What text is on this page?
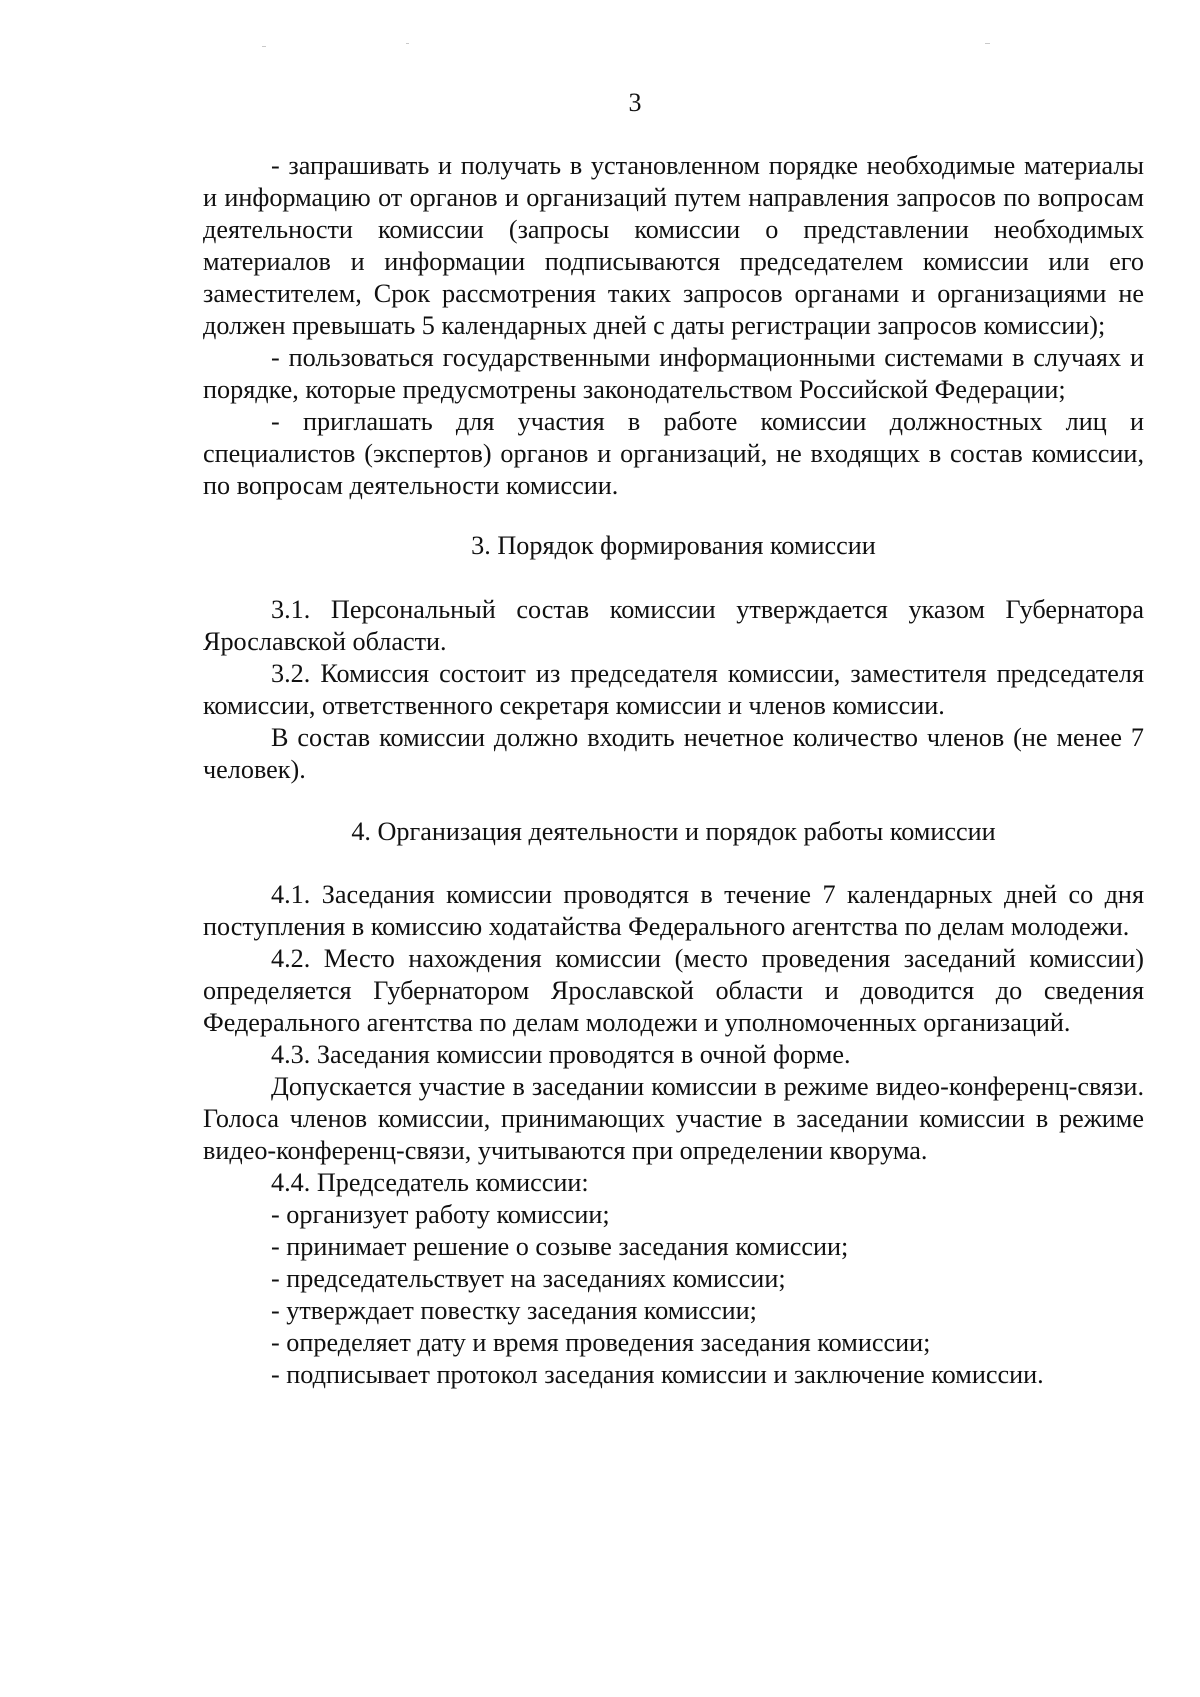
3

- запрашивать и получать в установленном порядке необходимые материалы и информацию от органов и организаций путем направления запросов по вопросам деятельности комиссии (запросы комиссии о представлении необходимых материалов и информации подписываются председателем комиссии или его заместителем, Срок рассмотрения таких запросов органами и организациями не должен превышать 5 календарных дней с даты регистрации запросов комиссии);

- пользоваться государственными информационными системами в случаях и порядке, которые предусмотрены законодательством Российской Федерации;

- приглашать для участия в работе комиссии должностных лиц и специалистов (экспертов) органов и организаций, не входящих в состав комиссии, по вопросам деятельности комиссии.

3. Порядок формирования комиссии

3.1. Персональный состав комиссии утверждается указом Губернатора Ярославской области.

3.2. Комиссия состоит из председателя комиссии, заместителя председателя комиссии, ответственного секретаря комиссии и членов комиссии.

В состав комиссии должно входить нечетное количество членов (не менее 7 человек).

4. Организация деятельности и порядок работы комиссии

4.1. Заседания комиссии проводятся в течение 7 календарных дней со дня поступления в комиссию ходатайства Федерального агентства по делам молодежи.

4.2. Место нахождения комиссии (место проведения заседаний комиссии) определяется Губернатором Ярославской области и доводится до сведения Федерального агентства по делам молодежи и уполномоченных организаций.

4.3. Заседания комиссии проводятся в очной форме.

Допускается участие в заседании комиссии в режиме видео-конференц-связи. Голоса членов комиссии, принимающих участие в заседании комиссии в режиме видео-конференц-связи, учитываются при определении кворума.

4.4. Председатель комиссии:

- организует работу комиссии;

- принимает решение о созыве заседания комиссии;

- председательствует на заседаниях комиссии;

- утверждает повестку заседания комиссии;

- определяет дату и время проведения заседания комиссии;

- подписывает протокол заседания комиссии и заключение комиссии.
